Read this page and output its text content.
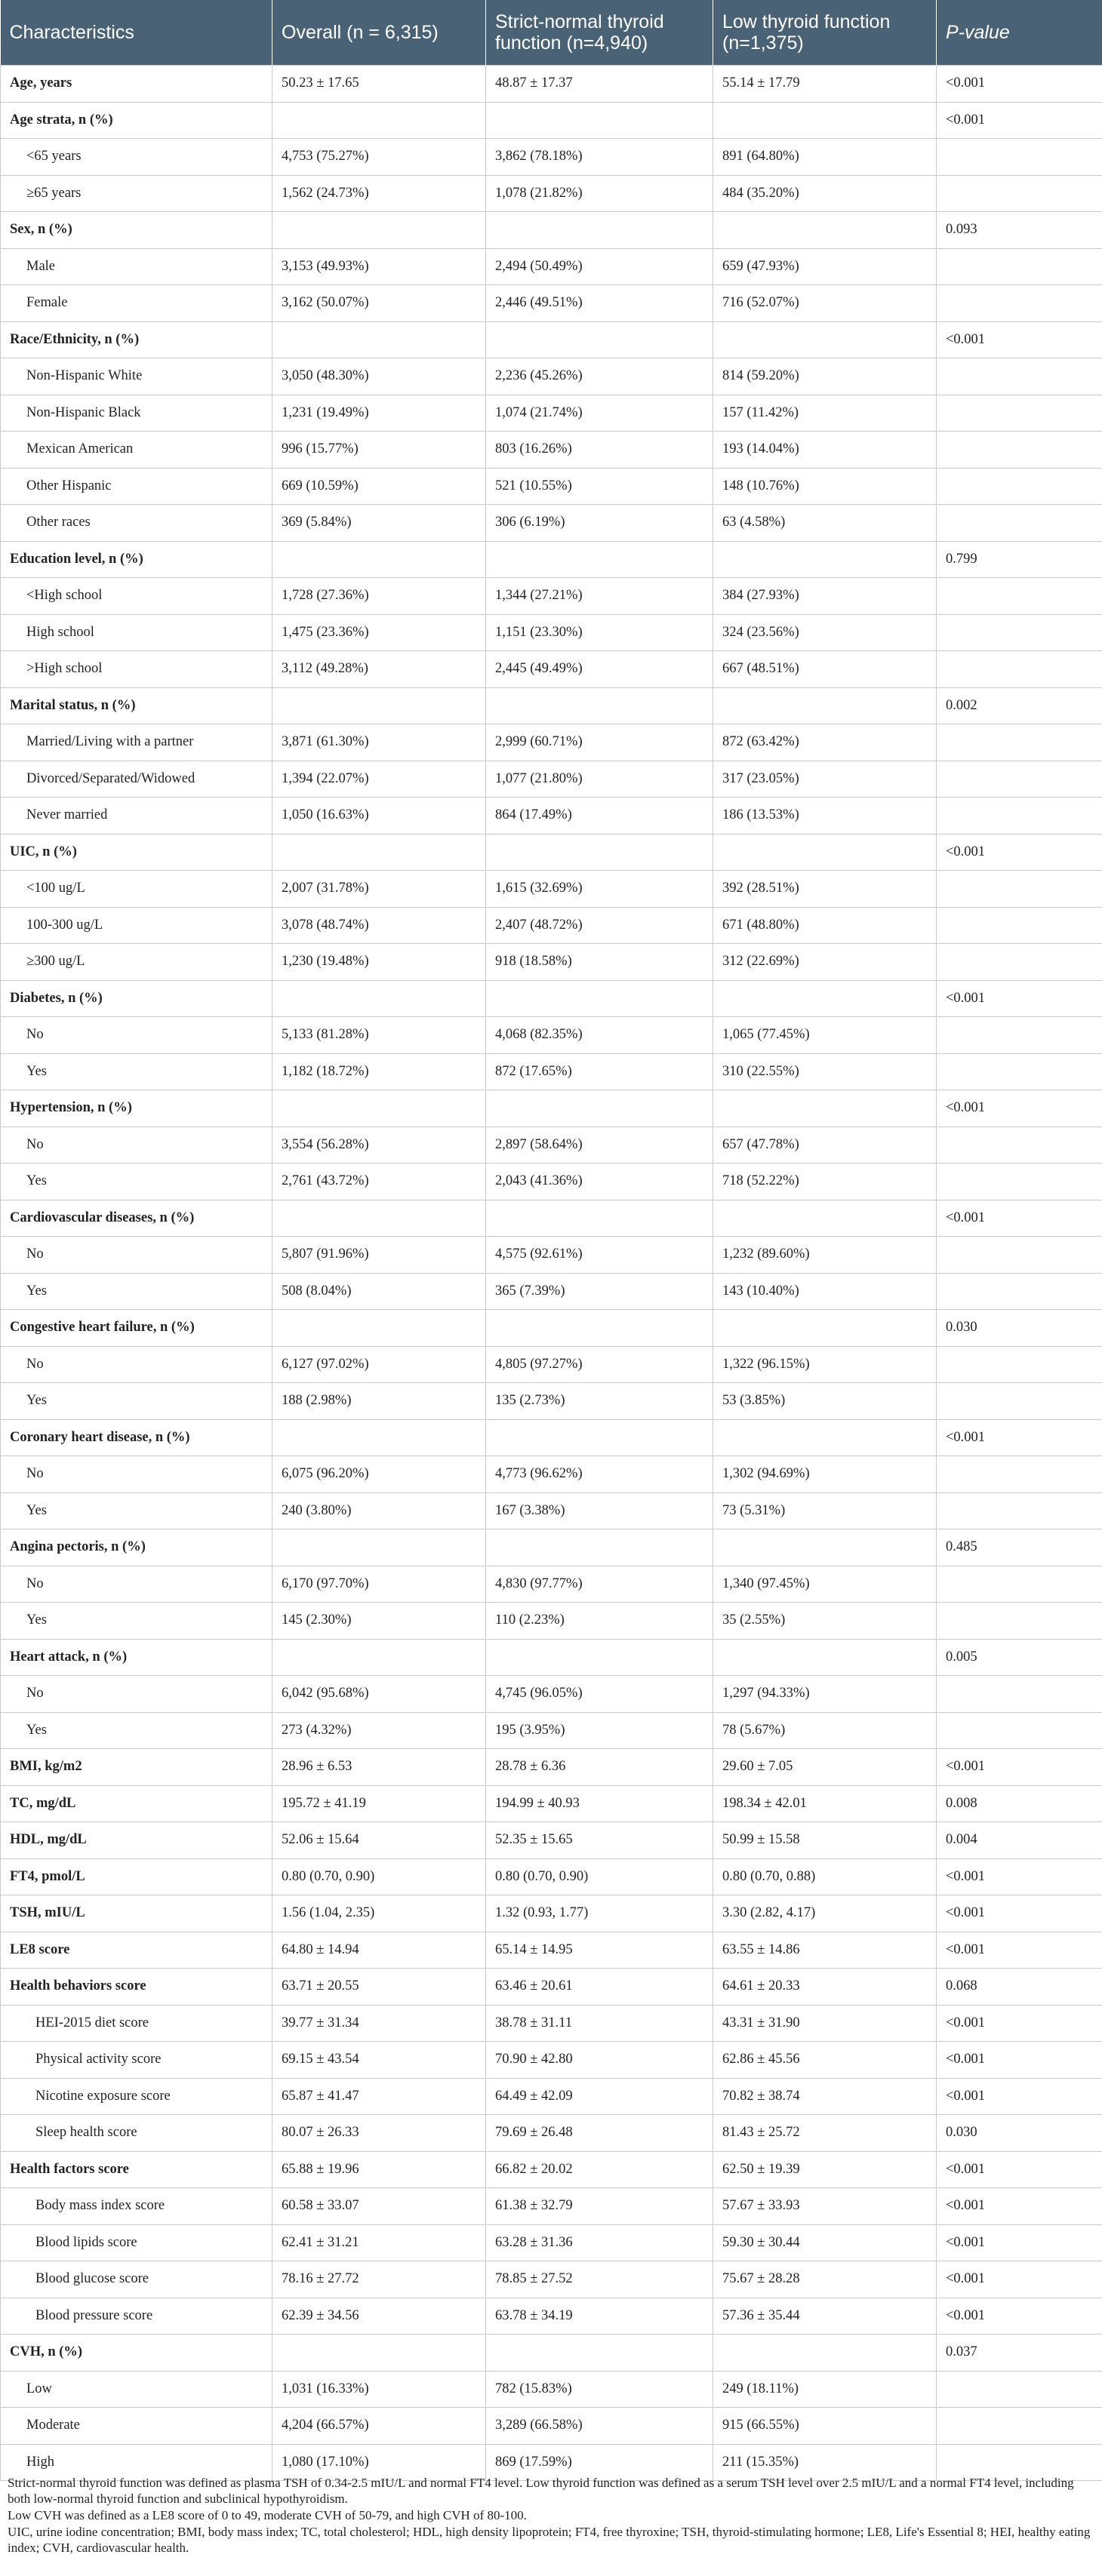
Characteristics	Overall (n = 6,315)	Strict-normal thyroid function (n=4,940)	Low thyroid function (n=1,375)	P-value
Age, years	50.23 ± 17.65	48.87 ± 17.37	55.14 ± 17.79	<0.001
Age strata, n (%)				<0.001
<65 years	4,753 (75.27%)	3,862 (78.18%)	891 (64.80%)	
≥65 years	1,562 (24.73%)	1,078 (21.82%)	484 (35.20%)	
Sex, n (%)				0.093
Male	3,153 (49.93%)	2,494 (50.49%)	659 (47.93%)	
Female	3,162 (50.07%)	2,446 (49.51%)	716 (52.07%)	
Race/Ethnicity, n (%)				<0.001
Non-Hispanic White	3,050 (48.30%)	2,236 (45.26%)	814 (59.20%)	
Non-Hispanic Black	1,231 (19.49%)	1,074 (21.74%)	157 (11.42%)	
Mexican American	996 (15.77%)	803 (16.26%)	193 (14.04%)	
Other Hispanic	669 (10.59%)	521 (10.55%)	148 (10.76%)	
Other races	369 (5.84%)	306 (6.19%)	63 (4.58%)	
Education level, n (%)				0.799
<High school	1,728 (27.36%)	1,344 (27.21%)	384 (27.93%)	
High school	1,475 (23.36%)	1,151 (23.30%)	324 (23.56%)	
>High school	3,112 (49.28%)	2,445 (49.49%)	667 (48.51%)	
Marital status, n (%)				0.002
Married/Living with a partner	3,871 (61.30%)	2,999 (60.71%)	872 (63.42%)	
Divorced/Separated/Widowed	1,394 (22.07%)	1,077 (21.80%)	317 (23.05%)	
Never married	1,050 (16.63%)	864 (17.49%)	186 (13.53%)	
UIC, n (%)				<0.001
<100 ug/L	2,007 (31.78%)	1,615 (32.69%)	392 (28.51%)	
100-300 ug/L	3,078 (48.74%)	2,407 (48.72%)	671 (48.80%)	
≥300 ug/L	1,230 (19.48%)	918 (18.58%)	312 (22.69%)	
Diabetes, n (%)				<0.001
No	5,133 (81.28%)	4,068 (82.35%)	1,065 (77.45%)	
Yes	1,182 (18.72%)	872 (17.65%)	310 (22.55%)	
Hypertension, n (%)				<0.001
No	3,554 (56.28%)	2,897 (58.64%)	657 (47.78%)	
Yes	2,761 (43.72%)	2,043 (41.36%)	718 (52.22%)	
Cardiovascular diseases, n (%)				<0.001
No	5,807 (91.96%)	4,575 (92.61%)	1,232 (89.60%)	
Yes	508 (8.04%)	365 (7.39%)	143 (10.40%)	
Congestive heart failure, n (%)				0.030
No	6,127 (97.02%)	4,805 (97.27%)	1,322 (96.15%)	
Yes	188 (2.98%)	135 (2.73%)	53 (3.85%)	
Coronary heart disease, n (%)				<0.001
No	6,075 (96.20%)	4,773 (96.62%)	1,302 (94.69%)	
Yes	240 (3.80%)	167 (3.38%)	73 (5.31%)	
Angina pectoris, n (%)				0.485
No	6,170 (97.70%)	4,830 (97.77%)	1,340 (97.45%)	
Yes	145 (2.30%)	110 (2.23%)	35 (2.55%)	
Heart attack, n (%)				0.005
No	6,042 (95.68%)	4,745 (96.05%)	1,297 (94.33%)	
Yes	273 (4.32%)	195 (3.95%)	78 (5.67%)	
BMI, kg/m2	28.96 ± 6.53	28.78 ± 6.36	29.60 ± 7.05	<0.001
TC, mg/dL	195.72 ± 41.19	194.99 ± 40.93	198.34 ± 42.01	0.008
HDL, mg/dL	52.06 ± 15.64	52.35 ± 15.65	50.99 ± 15.58	0.004
FT4, pmol/L	0.80 (0.70, 0.90)	0.80 (0.70, 0.90)	0.80 (0.70, 0.88)	<0.001
TSH, mIU/L	1.56 (1.04, 2.35)	1.32 (0.93, 1.77)	3.30 (2.82, 4.17)	<0.001
LE8 score	64.80 ± 14.94	65.14 ± 14.95	63.55 ± 14.86	<0.001
Health behaviors score	63.71 ± 20.55	63.46 ± 20.61	64.61 ± 20.33	0.068
HEI-2015 diet score	39.77 ± 31.34	38.78 ± 31.11	43.31 ± 31.90	<0.001
Physical activity score	69.15 ± 43.54	70.90 ± 42.80	62.86 ± 45.56	<0.001
Nicotine exposure score	65.87 ± 41.47	64.49 ± 42.09	70.82 ± 38.74	<0.001
Sleep health score	80.07 ± 26.33	79.69 ± 26.48	81.43 ± 25.72	0.030
Health factors score	65.88 ± 19.96	66.82 ± 20.02	62.50 ± 19.39	<0.001
Body mass index score	60.58 ± 33.07	61.38 ± 32.79	57.67 ± 33.93	<0.001
Blood lipids score	62.41 ± 31.21	63.28 ± 31.36	59.30 ± 30.44	<0.001
Blood glucose score	78.16 ± 27.72	78.85 ± 27.52	75.67 ± 28.28	<0.001
Blood pressure score	62.39 ± 34.56	63.78 ± 34.19	57.36 ± 35.44	<0.001
CVH, n (%)				0.037
Low	1,031 (16.33%)	782 (15.83%)	249 (18.11%)	
Moderate	4,204 (66.57%)	3,289 (66.58%)	915 (66.55%)	
High	1,080 (17.10%)	869 (17.59%)	211 (15.35%)	

Strict-normal thyroid function was defined as plasma TSH of 0.34-2.5 mIU/L and normal FT4 level. Low thyroid function was defined as a serum TSH level over 2.5 mIU/L and a normal FT4 level, including both low-normal thyroid function and subclinical hypothyroidism.

Low CVH was defined as a LE8 score of 0 to 49, moderate CVH of 50-79, and high CVH of 80-100.

UIC, urine iodine concentration; BMI, body mass index; TC, total cholesterol; HDL, high density lipoprotein; FT4, free thyroxine; TSH, thyroid-stimulating hormone; LE8, Life's Essential 8; HEI, healthy eating index; CVH, cardiovascular health.
